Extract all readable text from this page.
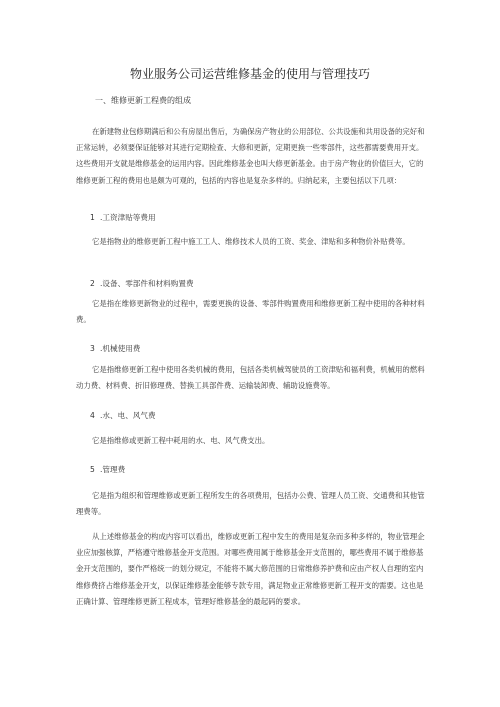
物业服务公司运营维修基金的使用与管理技巧
一、维修更新工程费的组成
在新建物业包修期满后和公有房屋出售后，为确保房产物业的公用部位、公共设施和共用设备的完好和正常运转，必须要保证能够对其进行定期检查、大修和更新，定期更换一些零部件，这些都需要费用开支。这些费用开支就是维修基金的运用内容。因此维修基金也叫大修更新基金。由于房产物业的价值巨大，它的维修更新工程的费用也是颇为可观的，包括的内容也是复杂多样的。归纳起来，主要包括以下几项：
1 .工资津贴等费用
它是指物业的维修更新工程中施工工人、维修技术人员的工资、奖金、津贴和多种物价补贴费等。
2 .设备、零部件和材料购置费
它是指在维修更新物业的过程中，需要更换的设备、零部件购置费用和维修更新工程中使用的各种材料费。
3 .机械使用费
它是指维修更新工程中使用各类机械的费用，包括各类机械驾驶员的工资津贴和福利费，机械用的燃料动力费、材料费、折旧修理费、替换工具部件费、运输装卸费、辅助设施费等。
4 .水、电、风气费
它是指维修或更新工程中耗用的水、电、风气费支出。
5 .管理费
它是指为组织和管理维修或更新工程所发生的各项费用，包括办公费、管理人员工资、交通费和其他管理费等。
从上述维修基金的构成内容可以看出，维修或更新工程中发生的费用是复杂而多种多样的，物业管理企业应加强核算，严格遵守维修基金开支范围。对哪些费用属于维修基金开支范围的，哪些费用不属于维修基金开支范围的，要作严格统一的划分规定，不能将不属大修范围的日常维修养护费和应由产权人自理的室内维修费挤占维修基金开支，以保证维修基金能够专款专用，满足物业正常维修更新工程开支的需要。这也是正确计算、管理维修更新工程成本，管理好维修基金的最起码的要求。
